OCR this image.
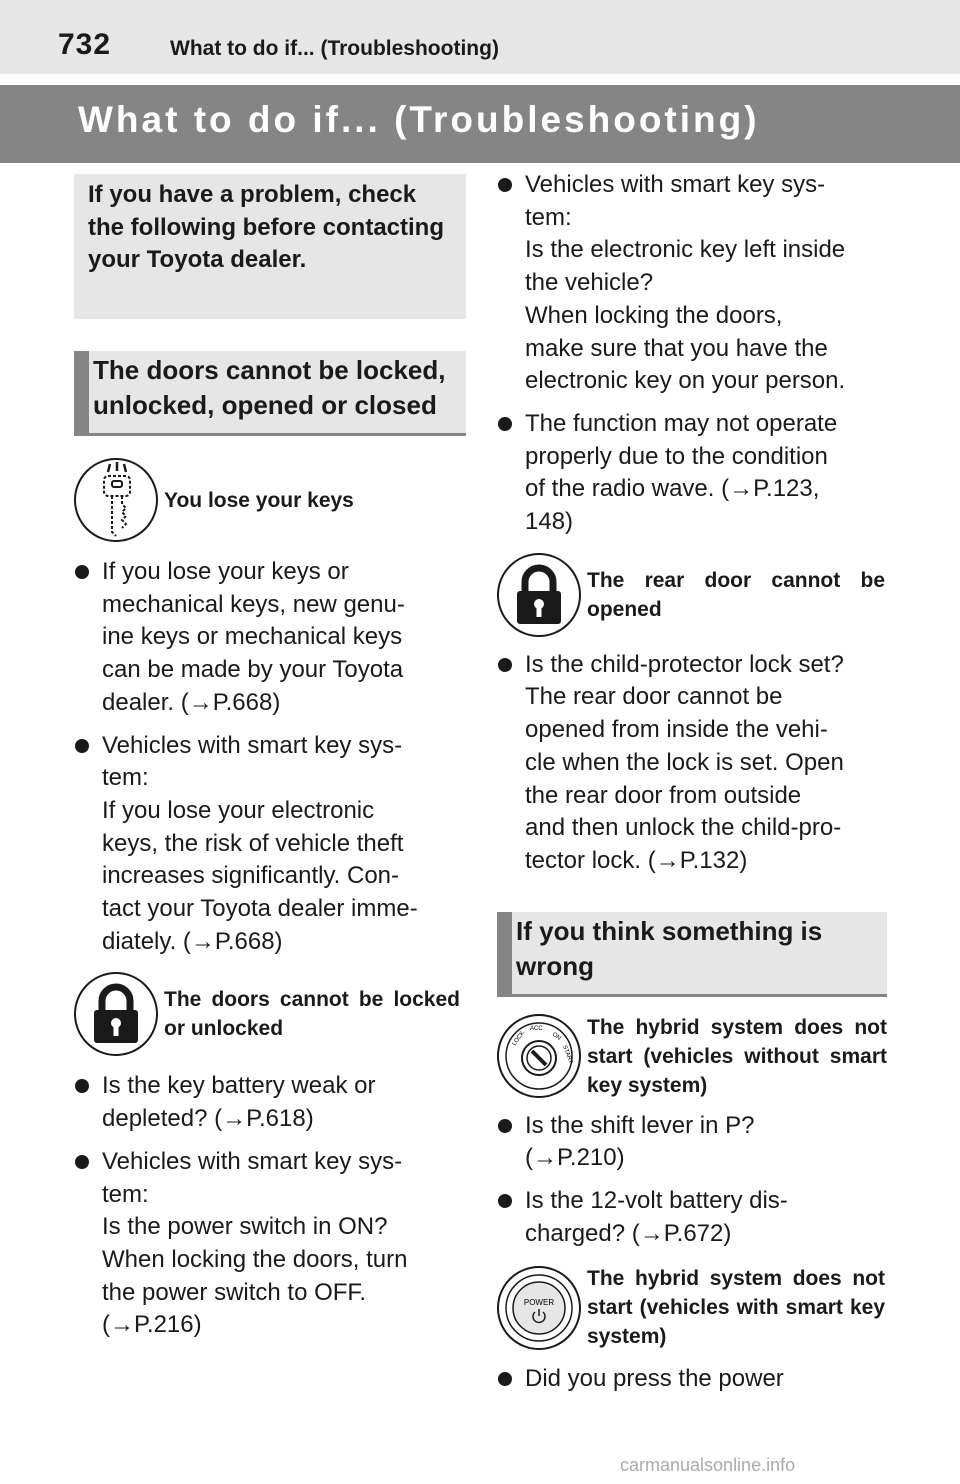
732	What to do if... (Troubleshooting)
What to do if... (Troubleshooting)
If you have a problem, check the following before contacting your Toyota dealer.
The doors cannot be locked, unlocked, opened or closed
You lose your keys
If you lose your keys or
mechanical keys, new genu-
ine keys or mechanical keys
can be made by your Toyota
dealer. (→P.668)
Vehicles with smart key sys-
tem:
If you lose your electronic
keys, the risk of vehicle theft
increases significantly. Con-
tact your Toyota dealer imme-
diately. (→P.668)
The doors cannot be locked or unlocked
Is the key battery weak or
depleted? (→P.618)
Vehicles with smart key sys-
tem:
Is the power switch in ON?
When locking the doors, turn
the power switch to OFF.
(→P.216)
Vehicles with smart key sys-
tem:
Is the electronic key left inside
the vehicle?
When locking the doors,
make sure that you have the
electronic key on your person.
The function may not operate
properly due to the condition
of the radio wave. (→P.123,
148)
The rear door cannot be opened
Is the child-protector lock set?
The rear door cannot be
opened from inside the vehi-
cle when the lock is set. Open
the rear door from outside
and then unlock the child-pro-
tector lock. (→P.132)
If you think something is wrong
LOCK
ACC
ON
START
The hybrid system does not start (vehicles without smart key system)
Is the shift lever in P?
(→P.210)
Is the 12-volt battery dis-
charged? (→P.672)
POWER
The hybrid system does not start (vehicles with smart key system)
Did you press the power
carmanualsonline.info
